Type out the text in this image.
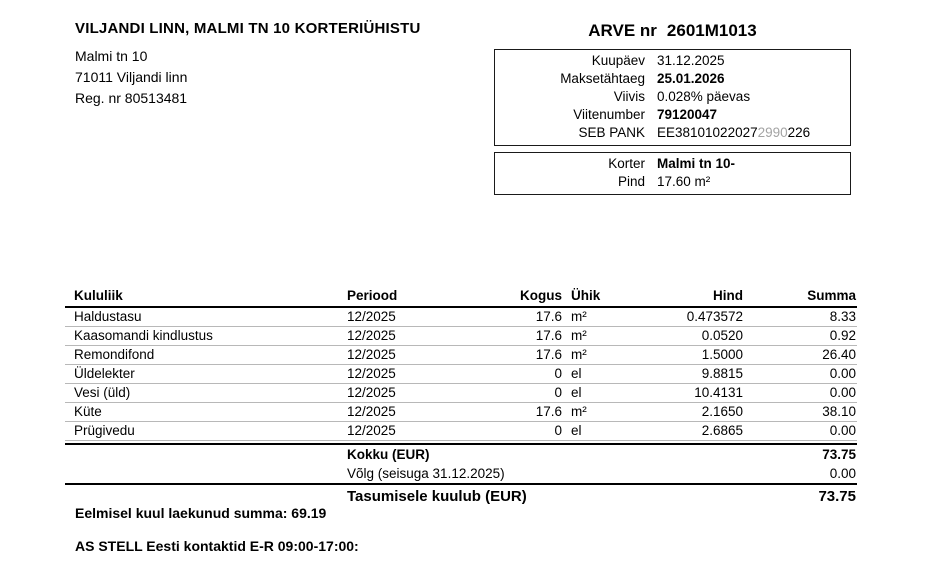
VILJANDI LINN, MALMI TN 10 KORTERIÜHISTU
Malmi tn 10
71011 Viljandi linn
Reg. nr 80513481
ARVE nr 2601M1013
Kuupäev 31.12.2025
Maksetähtaeg 25.01.2026
Viivis 0.028% päevas
Viitenumber 79120047
SEB PANK EE381010220272990226
Korter Malmi tn 10-
Pind 17.60 m²
Kululiik	Periood	Kogus Ühik	Hind	Summa
Haldustasu	12/2025	17.6 m²	0.473572	8.33
Kaasomandi kindlustus	12/2025	17.6 m²	0.0520	0.92
Remondifond	12/2025	17.6 m²	1.5000	26.40
Üldelekter	12/2025	0 el	9.8815	0.00
Vesi (üld)	12/2025	0 el	10.4131	0.00
Küte	12/2025	17.6 m²	2.1650	38.10
Prügivedu	12/2025	0 el	2.6865	0.00
Kokku (EUR)	73.75
Võlg (seisuga 31.12.2025)	0.00
Tasumisele kuulub (EUR)	73.75
Eelmisel kuul laekunud summa: 69.19
AS STELL Eesti kontaktid E-R 09:00-17:00:
